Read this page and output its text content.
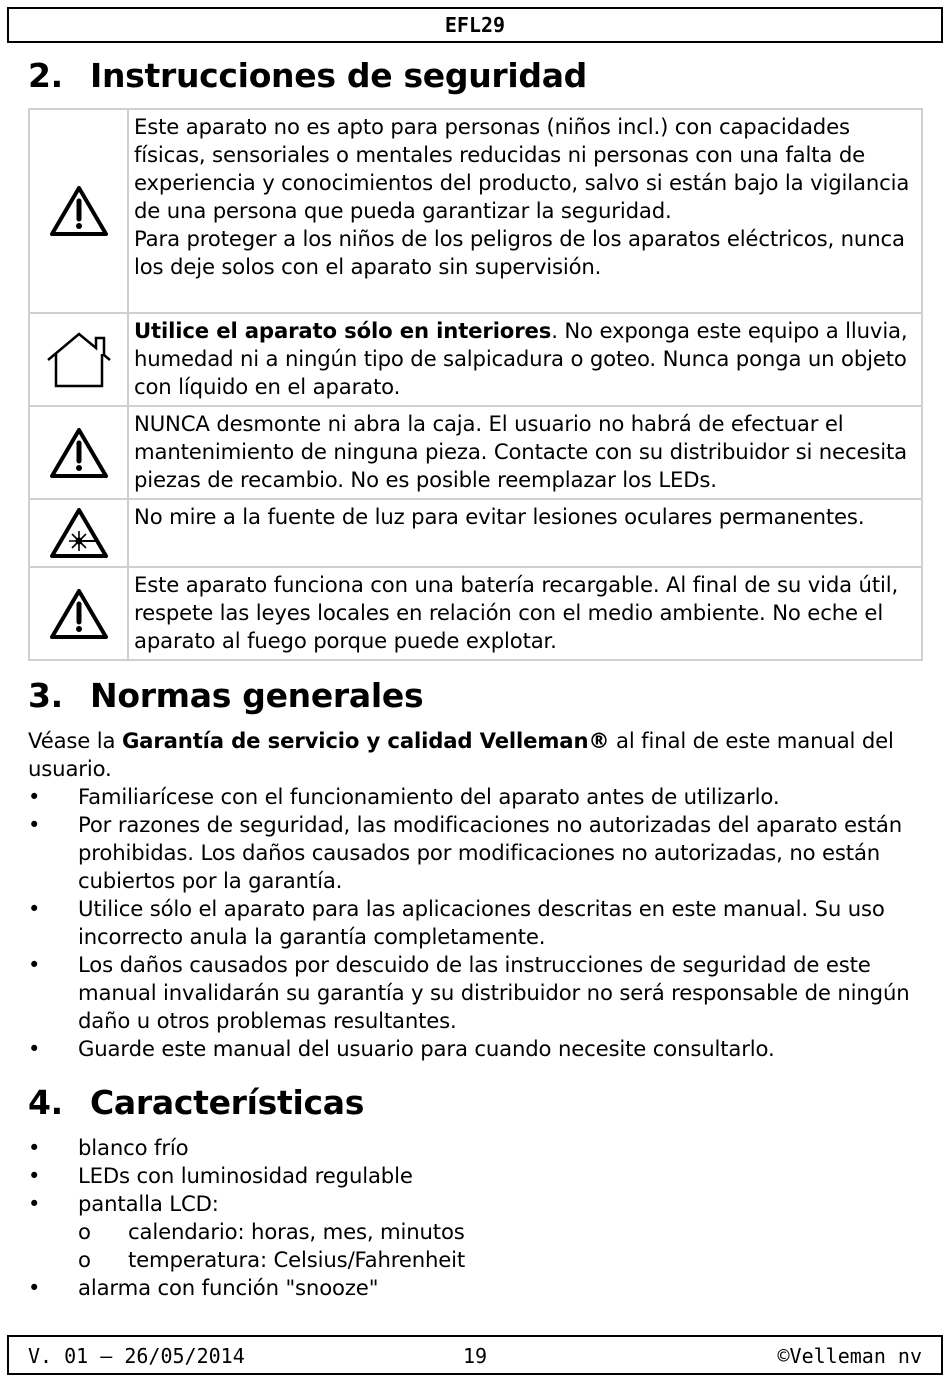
EFL29
2. Instrucciones de seguridad

Este aparato no es apto para personas (niños incl.) con capacidades físicas, sensoriales o mentales reducidas ni personas con una falta de experiencia y conocimientos del producto, salvo si están bajo la vigilancia de una persona que pueda garantizar la seguridad.
Para proteger a los niños de los peligros de los aparatos eléctricos, nunca los deje solos con el aparato sin supervisión.

	Utilice el aparato sólo en interiores. No exponga este equipo a lluvia, humedad ni a ningún tipo de salpicadura o goteo. Nunca ponga un objeto con líquido en el aparato.

	NUNCA desmonte ni abra la caja. El usuario no habrá de efectuar el mantenimiento de ninguna pieza. Contacte con su distribuidor si necesita piezas de recambio. No es posible reemplazar los LEDs.

	No mire a la fuente de luz para evitar lesiones oculares permanentes.

	Este aparato funciona con una batería recargable. Al final de su vida útil, respete las leyes locales en relación con el medio ambiente. No eche el aparato al fuego porque puede explotar.
3. Normas generales

Véase la Garantía de servicio y calidad Velleman® al final de este manual del usuario.

• Familiarícese con el funcionamiento del aparato antes de utilizarlo.
• Por razones de seguridad, las modificaciones no autorizadas del aparato están prohibidas. Los daños causados por modificaciones no autorizadas, no están cubiertos por la garantía.
• Utilice sólo el aparato para las aplicaciones descritas en este manual. Su uso incorrecto anula la garantía completamente.
• Los daños causados por descuido de las instrucciones de seguridad de este manual invalidarán su garantía y su distribuidor no será responsable de ningún daño u otros problemas resultantes.
• Guarde este manual del usuario para cuando necesite consultarlo.
4. Características
• blanco frío
• LEDs con luminosidad regulable
• pantalla LCD:
o calendario: horas, mes, minutos
o temperatura: Celsius/Fahrenheit
• alarma con función "snooze"
19
V. 01 – 26/05/2014	©Velleman nv
